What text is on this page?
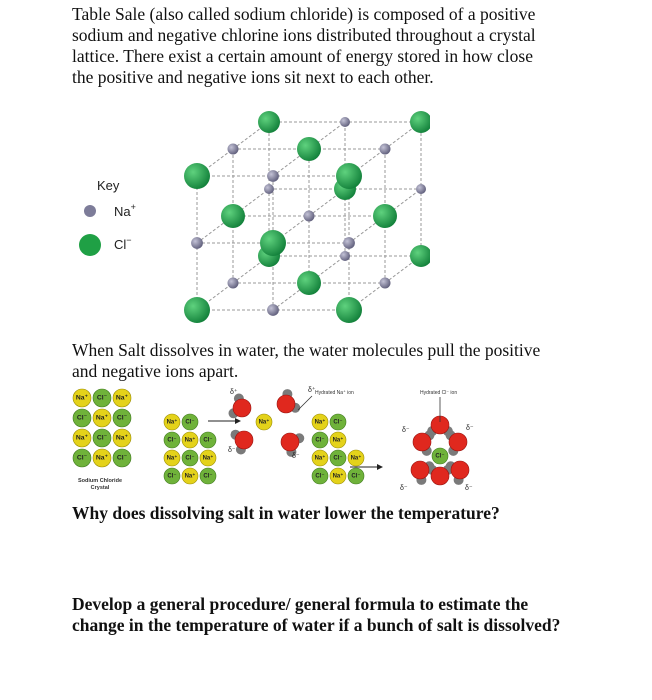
Table Sale (also called sodium chloride) is composed of a positive sodium and negative chlorine ions distributed throughout a crystal lattice. There exist a certain amount of energy stored in how close the positive and negative ions sit next to each other.

Key
Na+
Cl−

When Salt dissolves in water, the water molecules pull the positive and negative ions apart.

Na⁺ Cl⁻ Na⁺
Cl⁻ Na⁺ Cl⁻
Na⁺ Cl⁻ Na⁺
Cl⁻ Na⁺ Cl⁻
Sodium Chloride
Crystal
Na⁺ Cl⁻
Cl⁻ Na⁺ Cl⁻
Na⁺ Cl⁻ Na⁺
Cl⁻ Na⁺ Cl⁻
Na⁺ Cl⁻
Cl⁻ Na⁺
Na⁺ Cl⁻ Na⁺
Cl⁻ Na⁺ Cl⁻
Na⁺
Cl⁻
Hydrated Na⁺ ion	Hydrated Cl⁻ ion
δ⁺	δ⁺
δ⁻
δ⁻
δ⁻	δ⁻
δ⁻	δ⁻

Why does dissolving salt in water lower the temperature?

Develop a general procedure/ general formula to estimate the change in the temperature of water if a bunch of salt is dissolved?
